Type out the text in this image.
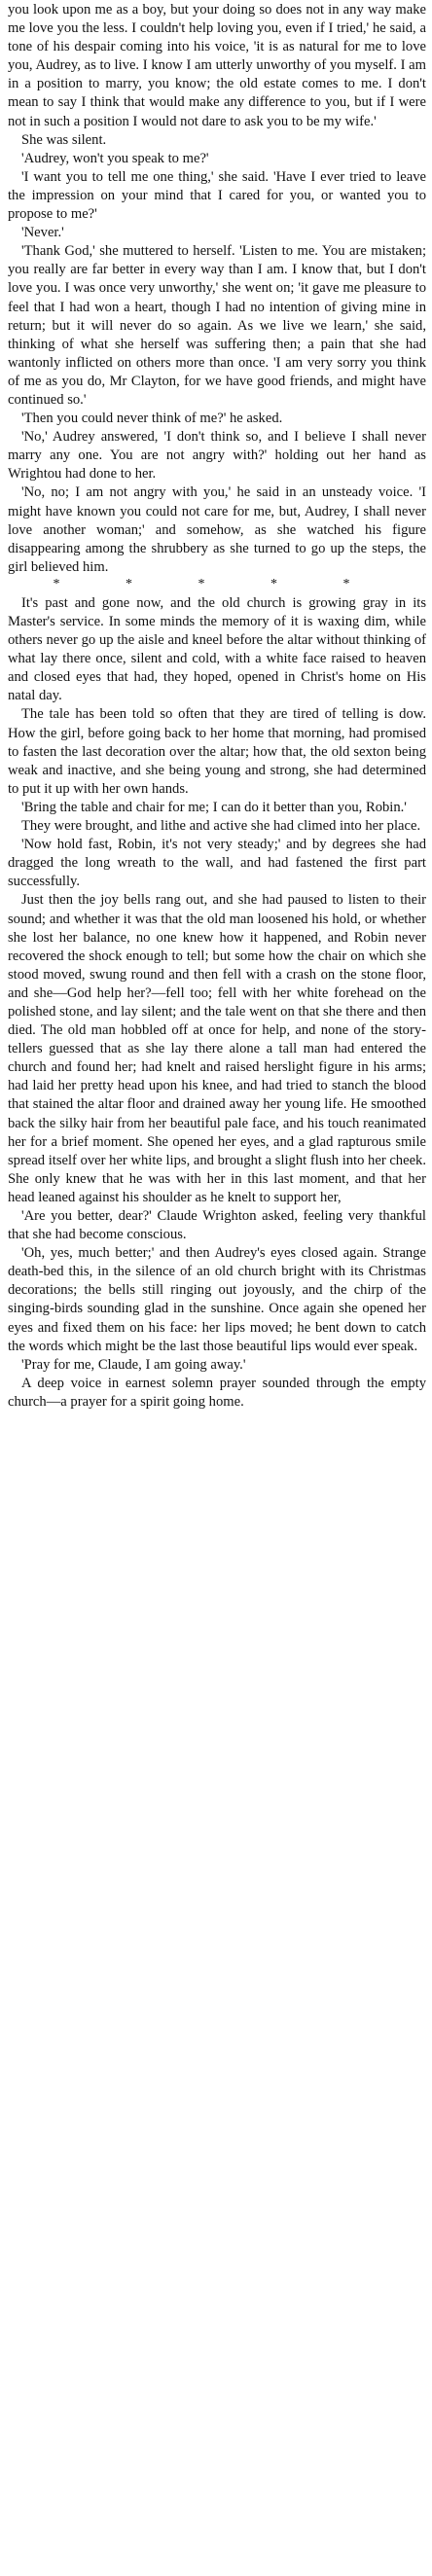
you look upon me as a boy, but your doing so does not in any way make me love you the less. I couldn't help loving you, even if I tried,' he said, a tone of his despair coming into his voice, 'it is as natural for me to love you, Audrey, as to live. I know I am utterly unworthy of you myself. I am in a position to marry, you know; the old estate comes to me. I don't mean to say I think that would make any difference to you, but if I were not in such a position I would not dare to ask you to be my wife.'

She was silent.

'Audrey, won't you speak to me?'

'I want you to tell me one thing,' she said. 'Have I ever tried to leave the impression on your mind that I cared for you, or wanted you to propose to me?'

'Never.'

'Thank God,' she muttered to herself. 'Listen to me. You are mistaken; you really are far better in every way than I am. I know that, but I don't love you. I was once very unworthy,' she went on; 'it gave me pleasure to feel that I had won a heart, though I had no intention of giving mine in return; but it will never do so again. As we live we learn,' she said, thinking of what she herself was suffering then; a pain that she had wantonly inflicted on others more than once. 'I am very sorry you think of me as you do, Mr Clayton, for we have good friends, and might have continued so.'

'Then you could never think of me?' he asked.

'No,' Audrey answered, 'I don't think so, and I believe I shall never marry any one. You are not angry with?' holding out her hand as Wrightou had done to her.

'No, no; I am not angry with you,' he said in an unsteady voice. 'I might have known you could not care for me, but, Audrey, I shall never love another woman;' and somehow, as she watched his figure disappearing among the shrubbery as she turned to go up the steps, the girl believed him.

* * * * *

It's past and gone now, and the old church is growing gray in its Master's service. In some minds the memory of it is waxing dim, while others never go up the aisle and kneel before the altar without thinking of what lay there once, silent and cold, with a white face raised to heaven and closed eyes that had, they hoped, opened in Christ's home on His natal day.

The tale has been told so often that they are tired of telling is dow. How the girl, before going back to her home that morning, had promised to fasten the last decoration over the altar; how that, the old sexton being weak and inactive, and she being young and strong, she had determined to put it up with her own hands.

'Bring the table and chair for me; I can do it better than you, Robin.'

They were brought, and lithe and active she had climed into her place.

'Now hold fast, Robin, it's not very steady;' and by degrees she had dragged the long wreath to the wall, and had fastened the first part successfully.

Just then the joy bells rang out, and she had paused to listen to their sound; and whether it was that the old man loosened his hold, or whether she lost her balance, no one knew how it happened, and Robin never recovered the shock enough to tell; but some how the chair on which she stood moved, swung round and then fell with a crash on the stone floor, and she—God help her?—fell too; fell with her white forehead on the polished stone, and lay silent; and the tale went on that she there and then died. The old man hobbled off at once for help, and none of the story-tellers guessed that as she lay there alone a tall man had entered the church and found her; had knelt and raised herslight figure in his arms; had laid her pretty head upon his knee, and had tried to stanch the blood that stained the altar floor and drained away her young life. He smoothed back the silky hair from her beautiful pale face, and his touch reanimated her for a brief moment. She opened her eyes, and a glad rapturous smile spread itself over her white lips, and brought a slight flush into her cheek. She only knew that he was with her in this last moment, and that her head leaned against his shoulder as he knelt to support her,

'Are you better, dear?' Claude Wrighton asked, feeling very thankful that she had become conscious.

'Oh, yes, much better;' and then Audrey's eyes closed again. Strange death-bed this, in the silence of an old church bright with its Christmas decorations; the bells still ringing out joyously, and the chirp of the singing-birds sounding glad in the sunshine. Once again she opened her eyes and fixed them on his face: her lips moved; he bent down to catch the words which might be the last those beautiful lips would ever speak.

'Pray for me, Claude, I am going away.'

A deep voice in earnest solemn prayer sounded through the empty church—a prayer for a spirit going home.
